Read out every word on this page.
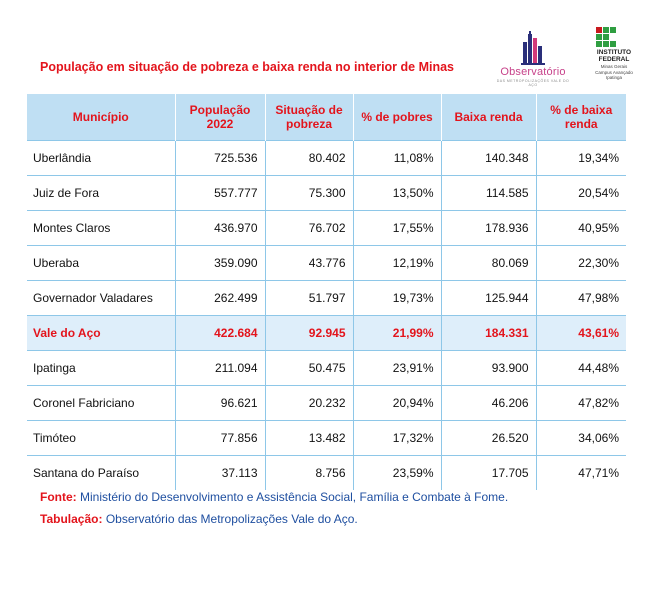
População em situação de pobreza e baixa renda no interior de Minas	Observatório
DAS METROPOLIZAÇÕES VALE DO AÇO
INSTITUTO
FEDERAL
Minas Gerais
Campus Avançado
Ipatinga
Município	População 2022	Situação de pobreza	% de pobres	Baixa renda	% de baixa renda
Uberlândia	725.536	80.402	11,08%	140.348	19,34%
Juiz de Fora	557.777	75.300	13,50%	114.585	20,54%
Montes Claros	436.970	76.702	17,55%	178.936	40,95%
Uberaba	359.090	43.776	12,19%	80.069	22,30%
Governador Valadares	262.499	51.797	19,73%	125.944	47,98%
Vale do Aço	422.684	92.945	21,99%	184.331	43,61%
Ipatinga	211.094	50.475	23,91%	93.900	44,48%
Coronel Fabriciano	96.621	20.232	20,94%	46.206	47,82%
Timóteo	77.856	13.482	17,32%	26.520	34,06%
Santana do Paraíso	37.113	8.756	23,59%	17.705	47,71%
Fonte: Ministério do Desenvolvimento e Assistência Social, Família e Combate à Fome.
Tabulação: Observatório das Metropolizações Vale do Aço.
